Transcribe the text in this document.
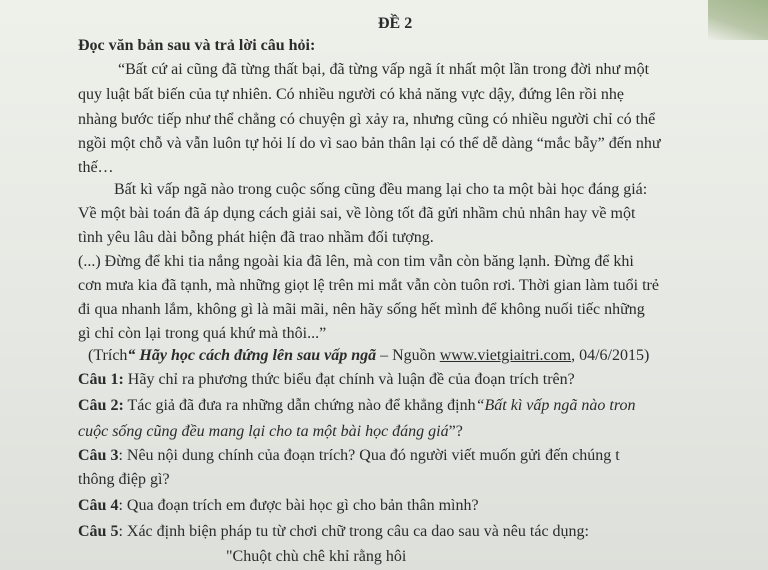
ĐỀ 2
Đọc văn bản sau và trả lời câu hỏi:
“Bất cứ ai cũng đã từng thất bại, đã từng vấp ngã ít nhất một lần trong đời như một
quy luật bất biến của tự nhiên. Có nhiều người có khả năng vực dậy, đứng lên rồi nhẹ
nhàng bước tiếp như thể chẳng có chuyện gì xảy ra, nhưng cũng có nhiều người chỉ có thể
ngồi một chỗ và vẫn luôn tự hỏi lí do vì sao bản thân lại có thể dễ dàng “mắc bẫy” đến như
thế…
Bất kì vấp ngã nào trong cuộc sống cũng đều mang lại cho ta một bài học đáng giá:
Về một bài toán đã áp dụng cách giải sai, về lòng tốt đã gửi nhầm chủ nhân hay về một
tình yêu lâu dài bỗng phát hiện đã trao nhầm đối tượng.
(...) Đừng để khi tia nắng ngoài kia đã lên, mà con tim vẫn còn băng lạnh. Đừng để khi
cơn mưa kia đã tạnh, mà những giọt lệ trên mi mắt vẫn còn tuôn rơi. Thời gian làm tuổi trẻ
đi qua nhanh lắm, không gì là mãi mãi, nên hãy sống hết mình để không nuối tiếc những
gì chỉ còn lại trong quá khứ mà thôi...”
(Trích“ Hãy học cách đứng lên sau vấp ngã – Nguồn www.vietgiaitri.com, 04/6/2015)
Câu 1: Hãy chỉ ra phương thức biểu đạt chính và luận đề của đoạn trích trên?
Câu 2: Tác giả đã đưa ra những dẫn chứng nào để khẳng định“Bất kì vấp ngã nào tron
cuộc sống cũng đều mang lại cho ta một bài học đáng giá”?
Câu 3: Nêu nội dung chính của đoạn trích? Qua đó người viết muốn gửi đến chúng t
thông điệp gì?
Câu 4: Qua đoạn trích em được bài học gì cho bản thân mình?
Câu 5: Xác định biện pháp tu từ chơi chữ trong câu ca dao sau và nêu tác dụng:
"Chuột chù chê khỉ rằng hôi
